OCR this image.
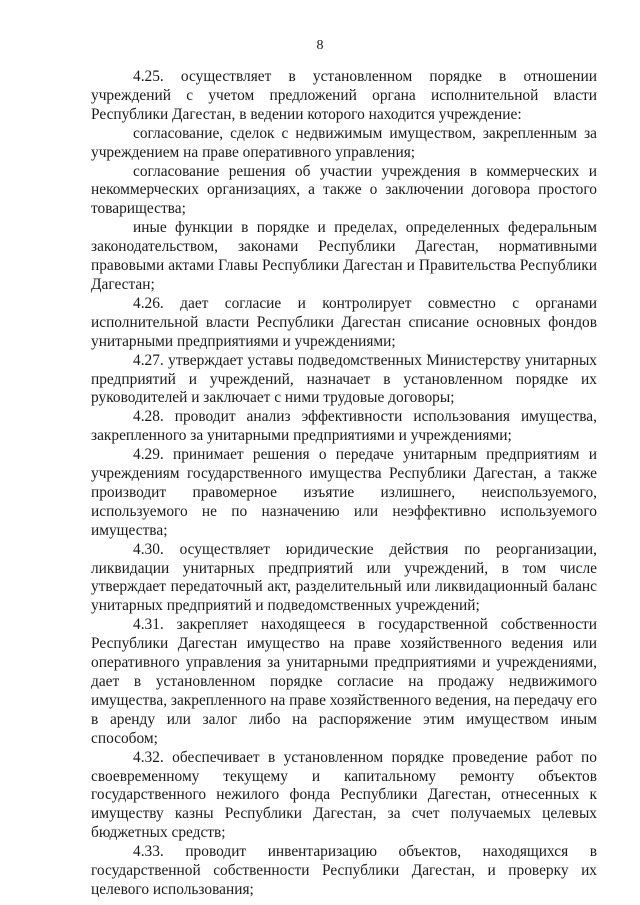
8

4.25. осуществляет в установленном порядке в отношении учреждений с учетом предложений органа исполнительной власти Республики Дагестан, в ведении которого находится учреждение:

согласование, сделок с недвижимым имуществом, закрепленным за учреждением на праве оперативного управления;

согласование решения об участии учреждения в коммерческих и некоммерческих организациях, а также о заключении договора простого товарищества;

иные функции в порядке и пределах, определенных федеральным законодательством, законами Республики Дагестан, нормативными правовыми актами Главы Республики Дагестан и Правительства Республики Дагестан;

4.26. дает согласие и контролирует совместно с органами исполнительной власти Республики Дагестан списание основных фондов унитарными предприятиями и учреждениями;

4.27. утверждает уставы подведомственных Министерству унитарных предприятий и учреждений, назначает в установленном порядке их руководителей и заключает с ними трудовые договоры;

4.28. проводит анализ эффективности использования имущества, закрепленного за унитарными предприятиями и учреждениями;

4.29. принимает решения о передаче унитарным предприятиям и учреждениям государственного имущества Республики Дагестан, а также производит правомерное изъятие излишнего, неиспользуемого, используемого не по назначению или неэффективно используемого имущества;

4.30. осуществляет юридические действия по реорганизации, ликвидации унитарных предприятий или учреждений, в том числе утверждает передаточный акт, разделительный или ликвидационный баланс унитарных предприятий и подведомственных учреждений;

4.31. закрепляет находящееся в государственной собственности Республики Дагестан имущество на праве хозяйственного ведения или оперативного управления за унитарными предприятиями и учреждениями, дает в установленном порядке согласие на продажу недвижимого имущества, закрепленного на праве хозяйственного ведения, на передачу его в аренду или залог либо на распоряжение этим имуществом иным способом;

4.32. обеспечивает в установленном порядке проведение работ по своевременному текущему и капитальному ремонту объектов государственного нежилого фонда Республики Дагестан, отнесенных к имуществу казны Республики Дагестан, за счет получаемых целевых бюджетных средств;

4.33. проводит инвентаризацию объектов, находящихся в государственной собственности Республики Дагестан, и проверку их целевого использования;
